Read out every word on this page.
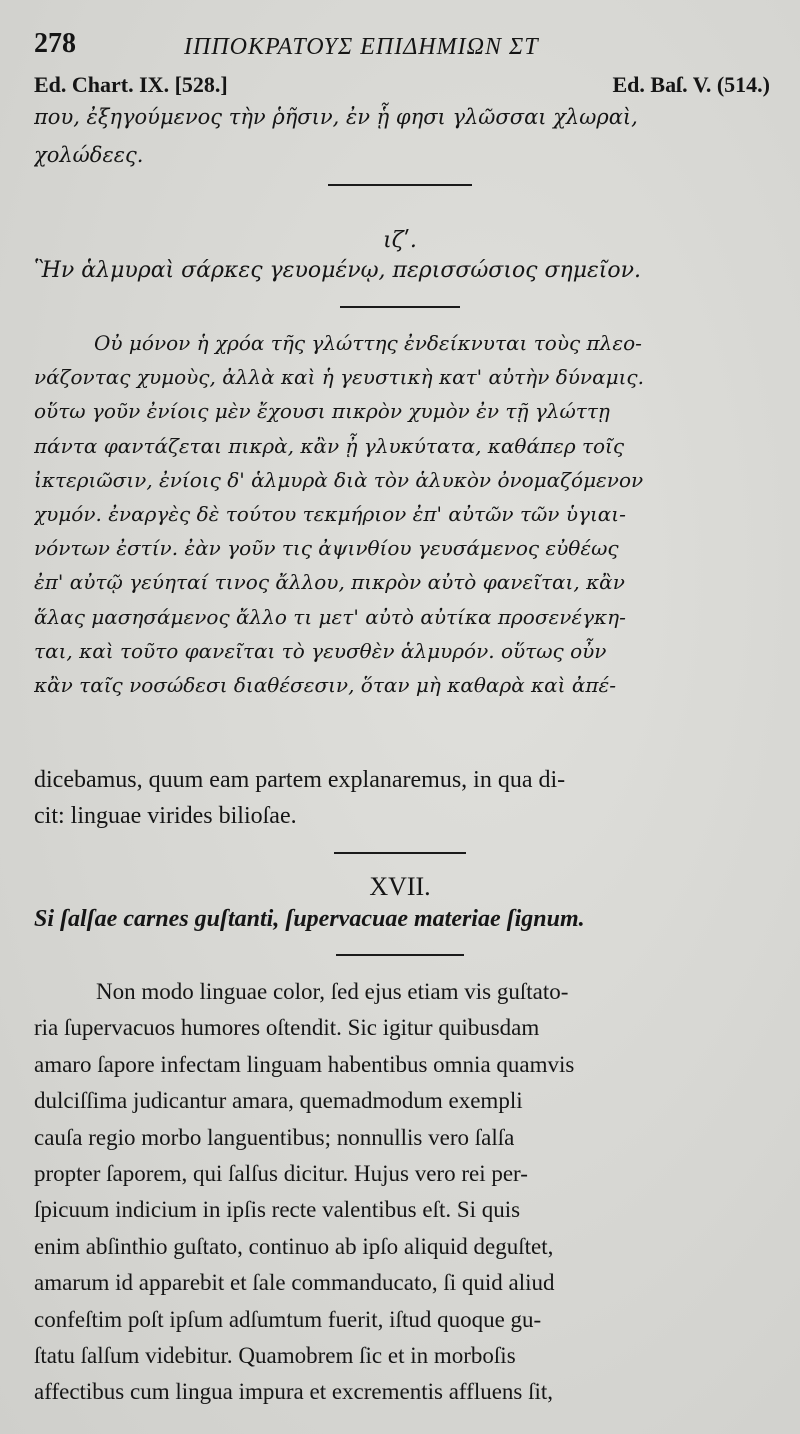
278	ΙΠΠΟΚΡΑΤΟΥΣ ΕΠΙΔΗΜΙΩΝ ΣΤ
Ed. Chart. IX. [528.]	Ed. Baſ. V. (514.)
που, ἐξηγούμενος τὴν ῥῆσιν, ἐν ᾗ φησι γλῶσσαι χλωραὶ,
χολώδεες.
ιζʹ.
Ἣν ἁλμυραὶ σάρκες γευομένῳ, περισσώσιος σημεῖον.
Οὐ μόνον ἡ χρόα τῆς γλώττης ἐνδείκνυται τοὺς πλεο-
νάζοντας χυμοὺς, ἀλλὰ καὶ ἡ γευστικὴ κατ' αὐτὴν δύναμις.
οὕτω γοῦν ἐνίοις μὲν ἔχουσι πικρὸν χυμὸν ἐν τῇ γλώττῃ
πάντα φαντάζεται πικρὰ, κἂν ᾖ γλυκύτατα, καθάπερ τοῖς
ἰκτεριῶσιν, ἐνίοις δ' ἁλμυρὰ διὰ τὸν ἁλυκὸν ὀνομαζόμενον
χυμόν. ἐναργὲς δὲ τούτου τεκμήριον ἐπ' αὐτῶν τῶν ὑγιαι-
νόντων ἐστίν. ἐὰν γοῦν τις ἀψινθίου γευσάμενος εὐθέως
ἐπ' αὐτῷ γεύηταί τινος ἄλλου, πικρὸν αὐτὸ φανεῖται, κἂν
ἅλας μασησάμενος ἄλλο τι μετ' αὐτὸ αὐτίκα προσενέγκη-
ται, καὶ τοῦτο φανεῖται τὸ γευσθὲν ἁλμυρόν. οὕτως οὖν
κἂν ταῖς νοσώδεσι διαθέσεσιν, ὅταν μὴ καθαρὰ καὶ ἀπέ-
dicebamus, quum eam partem explanaremus, in qua di-
cit: linguae virides bilioſae.
XVII.
Si ſalſae carnes guſtanti, ſupervacuae materiae ſignum.
Non modo linguae color, ſed ejus etiam vis guſtato-
ria ſupervacuos humores oſtendit. Sic igitur quibusdam
amaro ſapore infectam linguam habentibus omnia quamvis
dulciſſima judicantur amara, quemadmodum exempli
cauſa regio morbo languentibus; nonnullis vero ſalſa
propter ſaporem, qui ſalſus dicitur. Hujus vero rei per-
ſpicuum indicium in ipſis recte valentibus eſt. Si quis
enim abſinthio guſtato, continuo ab ipſo aliquid deguſtet,
amarum id apparebit et ſale commanducato, ſi quid aliud
confeſtim poſt ipſum adſumtum fuerit, iſtud quoque gu-
ſtatu ſalſum videbitur. Quamobrem ſic et in morboſis
affectibus cum lingua impura et excrementis affluens ſit,
